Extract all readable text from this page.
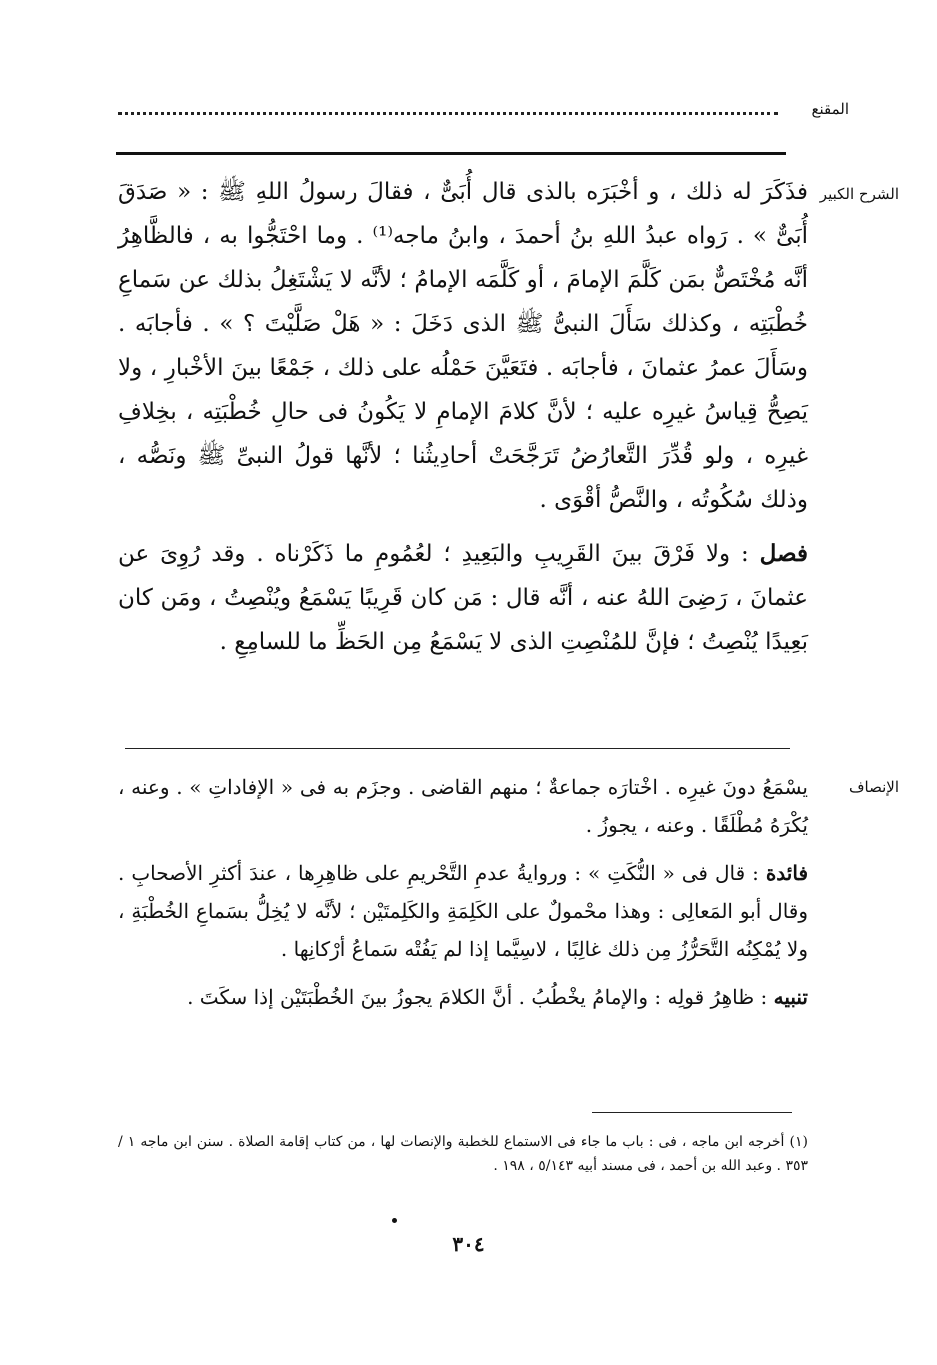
المقنع
الشرح الكبير
فذَكَرَ له ذلك ، و أخْبَرَه بالذى قال أُبَىٌّ ، فقالَ رسولُ اللهِ ﷺ : « صَدَقَ أُبَىٌّ » . رَواه عبدُ اللهِ بنُ أحمدَ ، وابنُ ماجه⁽¹⁾ . وما احْتَجُّوا به ، فالظَّاهِرُ أنَّه مُخْتَصٌّ بمَن كَلَّمَ الإمامَ ، أو كَلَّمَه الإمامُ ؛ لأنَّه لا يَشْتَغِلُ بذلك عن سَماعِ خُطْبَتِه ، وكذلك سَأَلَ النبىُّ ﷺ الذى دَخَلَ : « هَلْ صَلَّيْتَ ؟ » . فأجابَه . وسَأَلَ عمرُ عثمانَ ، فأجابَه . فتَعَيَّنَ حَمْلُه على ذلك ، جَمْعًا بينَ الأخْبارِ ، ولا يَصِحُّ قِياسُ غيرِه عليه ؛ لأنَّ كلامَ الإمامِ لا يَكُونُ فى حالِ خُطْبَتِه ، بخِلافِ غيرِه ، ولو قُدِّرَ التَّعارُضُ تَرَجَّحَتْ أحادِيثُنا ؛ لأنَّها قولُ النبىِّ ﷺ ونَصُّه ، وذلك سُكُوتُه ، والنَّصُّ أقْوَى .
فصل : ولا فَرْقَ بينَ القَرِيبِ والبَعِيدِ ؛ لعُمُومِ ما ذَكَرْناه . وقد رُوِىَ عن عثمانَ ، رَضِىَ اللهُ عنه ، أنَّه قال : مَن كان قَرِيبًا يَسْمَعُ ويُنْصِتُ ، ومَن كان بَعِيدًا يُنْصِتُ ؛ فإنَّ للمُنْصِتِ الذى لا يَسْمَعُ مِن الحَظِّ ما للسامِعِ .
الإنصاف
يسْمَعُ دونَ غيرِه . اخْتارَه جماعةٌ ؛ منهم القاضى . وجزَم به فى « الإفاداتِ » . وعنه ، يُكْرَهُ مُطْلَقًا . وعنه ، يجوزُ .
فائدة : قال فى « النُّكَتِ » : وروايةُ عدمِ التَّحْريمِ على ظاهِرِها ، عندَ أكثرِ الأصحابِ . وقال أبو المَعالِى : وهذا محْمولٌ على الكَلِمَةِ والكَلِمتَيْن ؛ لأنَّه لا يُخِلُّ بسَماعِ الخُطْبَةِ ، ولا يُمْكِنُه التَّحَرُّزُ مِن ذلك غالِبًا ، لاسِيَّما إذا لم يَفُتْه سَماعُ أرْكانِها .
تنبيه : ظاهِرُ قولِه : والإمامُ يخْطُبُ . أنَّ الكلامَ يجوزُ بينَ الخُطْبَتَيْن إذا سكَتَ .
(١) أخرجه ابن ماجه ، فى : باب ما جاء فى الاستماع للخطبة والإنصات لها ، من كتاب إقامة الصلاة . سنن ابن ماجه ١ / ٣٥٣ . وعبد الله بن أحمد ، فى مسند أبيه ٥/١٤٣ ، ١٩٨ .
٣٠٤
